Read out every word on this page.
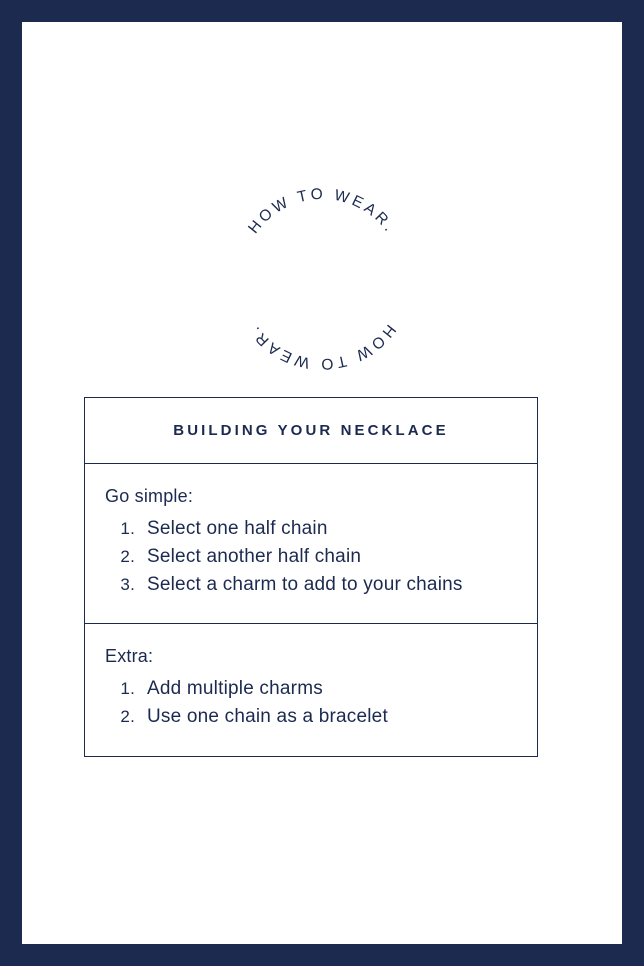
HOW TO WEAR.
HOW TO WEAR.
BUILDING YOUR NECKLACE

Go simple:

1. Select one half chain
2. Select another half chain
3. Select a charm to add to your chains

Extra:

1. Add multiple charms
2. Use one chain as a bracelet
